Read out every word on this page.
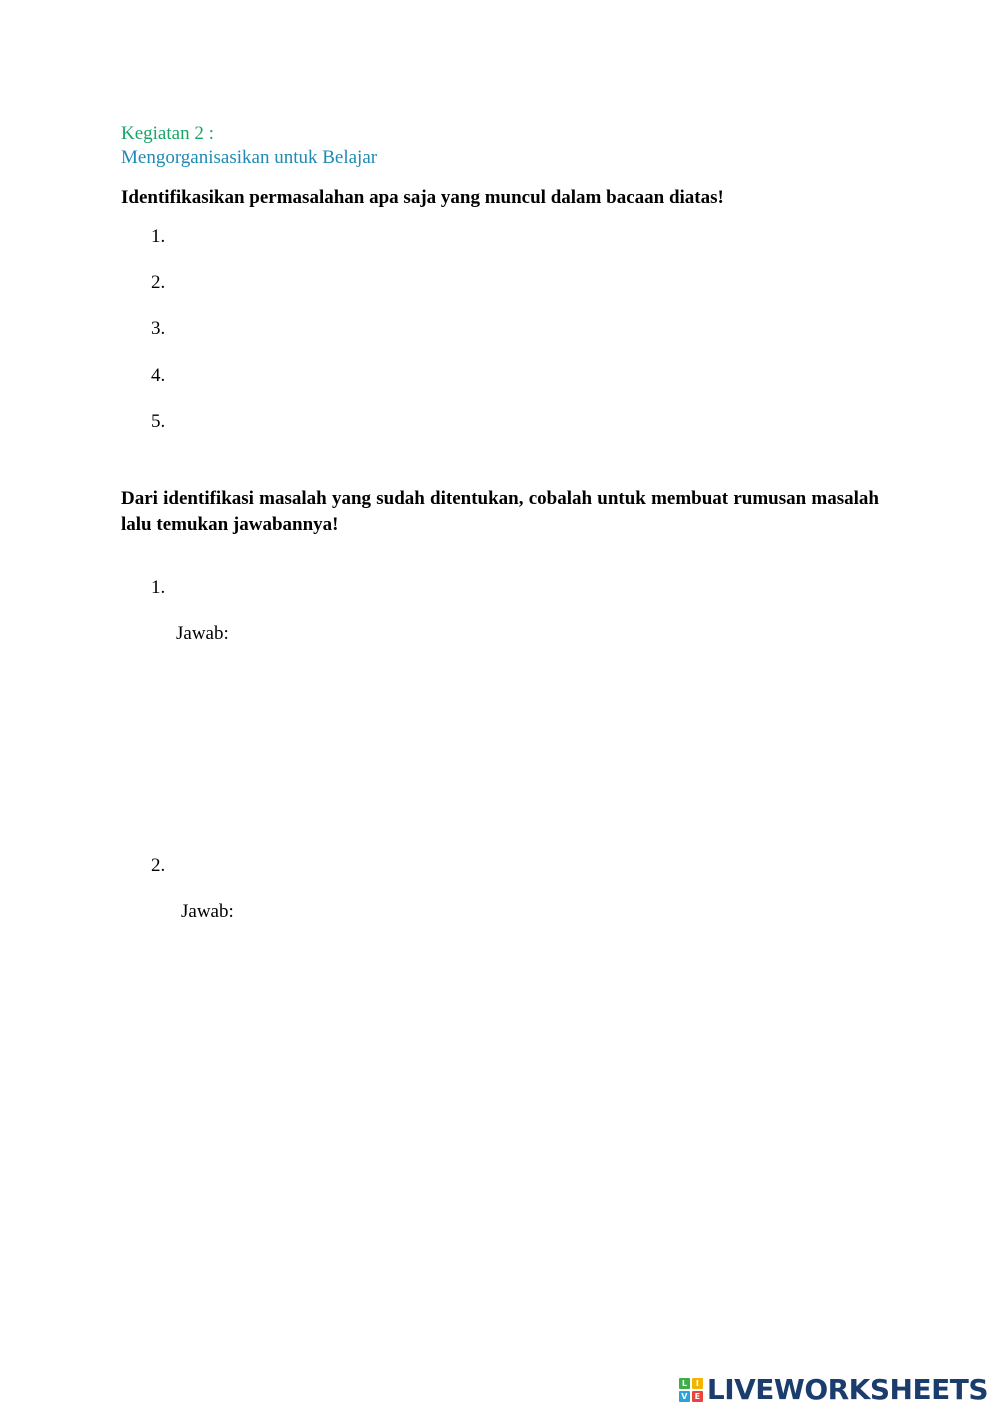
Kegiatan 2 :
Mengorganisasikan untuk Belajar
Identifikasikan permasalahan apa saja yang muncul dalam bacaan diatas!
1.
2.
3.
4.
5.
Dari identifikasi masalah yang sudah ditentukan, cobalah untuk membuat rumusan masalah lalu temukan jawabannya!
1.
Jawab:
2.
Jawab:
L	I
V E LIVEWORKSHEETS
